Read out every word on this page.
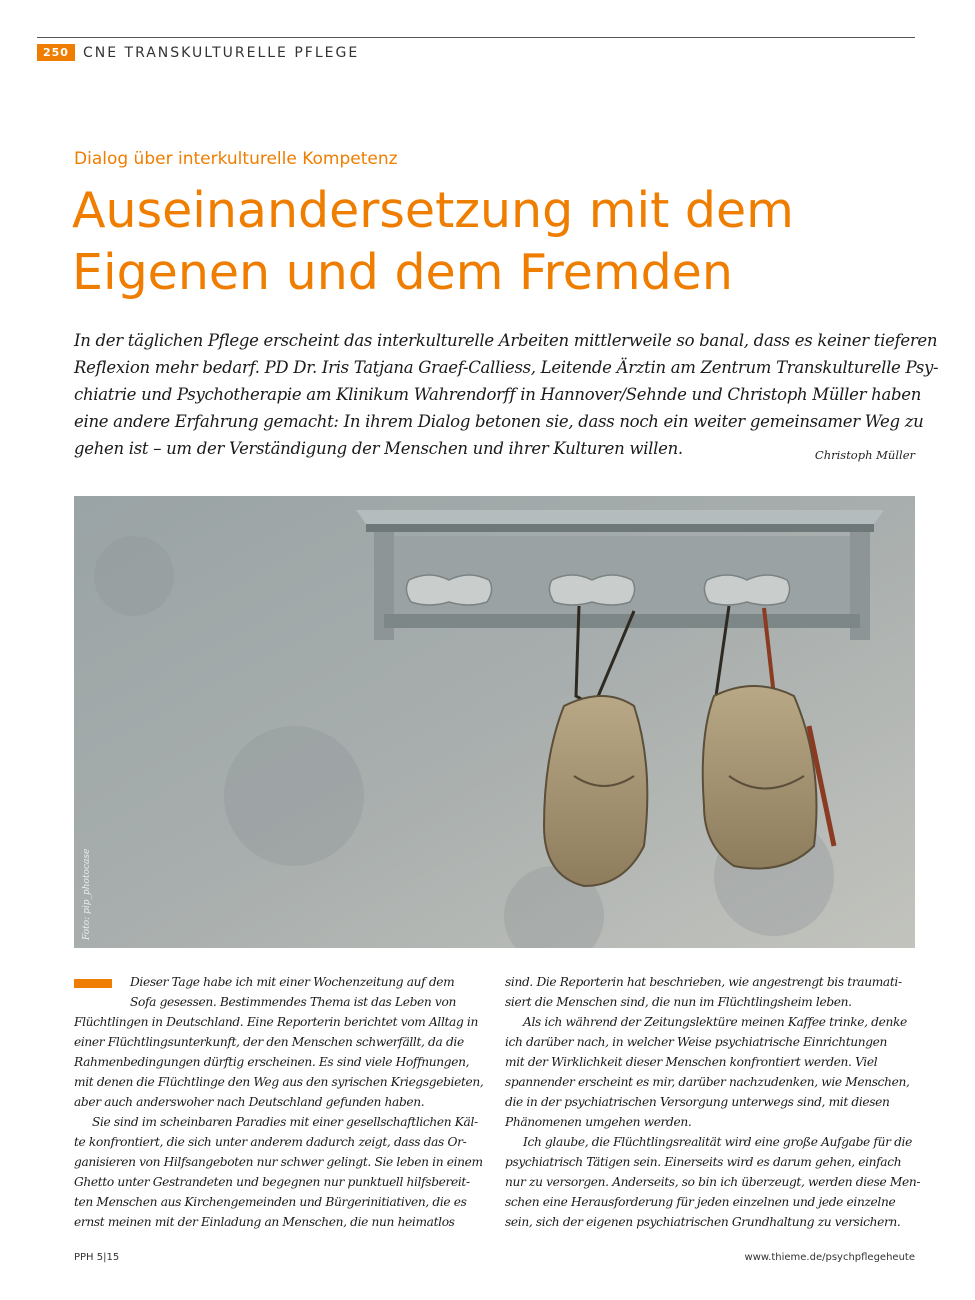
250	CNE TRANSKULTURELLE PFLEGE
Dialog über interkulturelle Kompetenz
Auseinandersetzung mit dem
Eigenen und dem Fremden
In der täglichen Pflege erscheint das interkulturelle Arbeiten mittlerweile so banal, dass es keiner tieferen
Reflexion mehr bedarf. PD Dr. Iris Tatjana Graef-Calliess, Leitende Ärztin am Zentrum Transkulturelle Psy-
chiatrie und Psychotherapie am Klinikum Wahrendorff in Hannover/Sehnde und Christoph Müller haben
eine andere Erfahrung gemacht: In ihrem Dialog betonen sie, dass noch ein weiter gemeinsamer Weg zu
gehen ist – um der Verständigung der Menschen und ihrer Kulturen willen.	Christoph Müller
Foto: pip_photocase
Dieser Tage habe ich mit einer Wochenzeitung auf dem
Sofa gesessen. Bestimmendes Thema ist das Leben von
Flüchtlingen in Deutschland. Eine Reporterin berichtet vom Alltag in
einer Flüchtlingsunterkunft, der den Menschen schwerfällt, da die
Rahmenbedingungen dürftig erscheinen. Es sind viele Hoffnungen,
mit denen die Flüchtlinge den Weg aus den syrischen Kriegsgebieten,
aber auch anderswoher nach Deutschland gefunden haben.
Sie sind im scheinbaren Paradies mit einer gesellschaftlichen Käl-
te konfrontiert, die sich unter anderem dadurch zeigt, dass das Or-
ganisieren von Hilfsangeboten nur schwer gelingt. Sie leben in einem
Ghetto unter Gestrandeten und begegnen nur punktuell hilfsbereit-
ten Menschen aus Kirchengemeinden und Bürgerinitiativen, die es
ernst meinen mit der Einladung an Menschen, die nun heimatlos
sind. Die Reporterin hat beschrieben, wie angestrengt bis traumati-
siert die Menschen sind, die nun im Flüchtlingsheim leben.
Als ich während der Zeitungslektüre meinen Kaffee trinke, denke
ich darüber nach, in welcher Weise psychiatrische Einrichtungen
mit der Wirklichkeit dieser Menschen konfrontiert werden. Viel
spannender erscheint es mir, darüber nachzudenken, wie Menschen,
die in der psychiatrischen Versorgung unterwegs sind, mit diesen
Phänomenen umgehen werden.
Ich glaube, die Flüchtlingsrealität wird eine große Aufgabe für die
psychiatrisch Tätigen sein. Einerseits wird es darum gehen, einfach
nur zu versorgen. Anderseits, so bin ich überzeugt, werden diese Men-
schen eine Herausforderung für jeden einzelnen und jede einzelne
sein, sich der eigenen psychiatrischen Grundhaltung zu versichern.
PPH 5|15	www.thieme.de/psychpflegeheute
